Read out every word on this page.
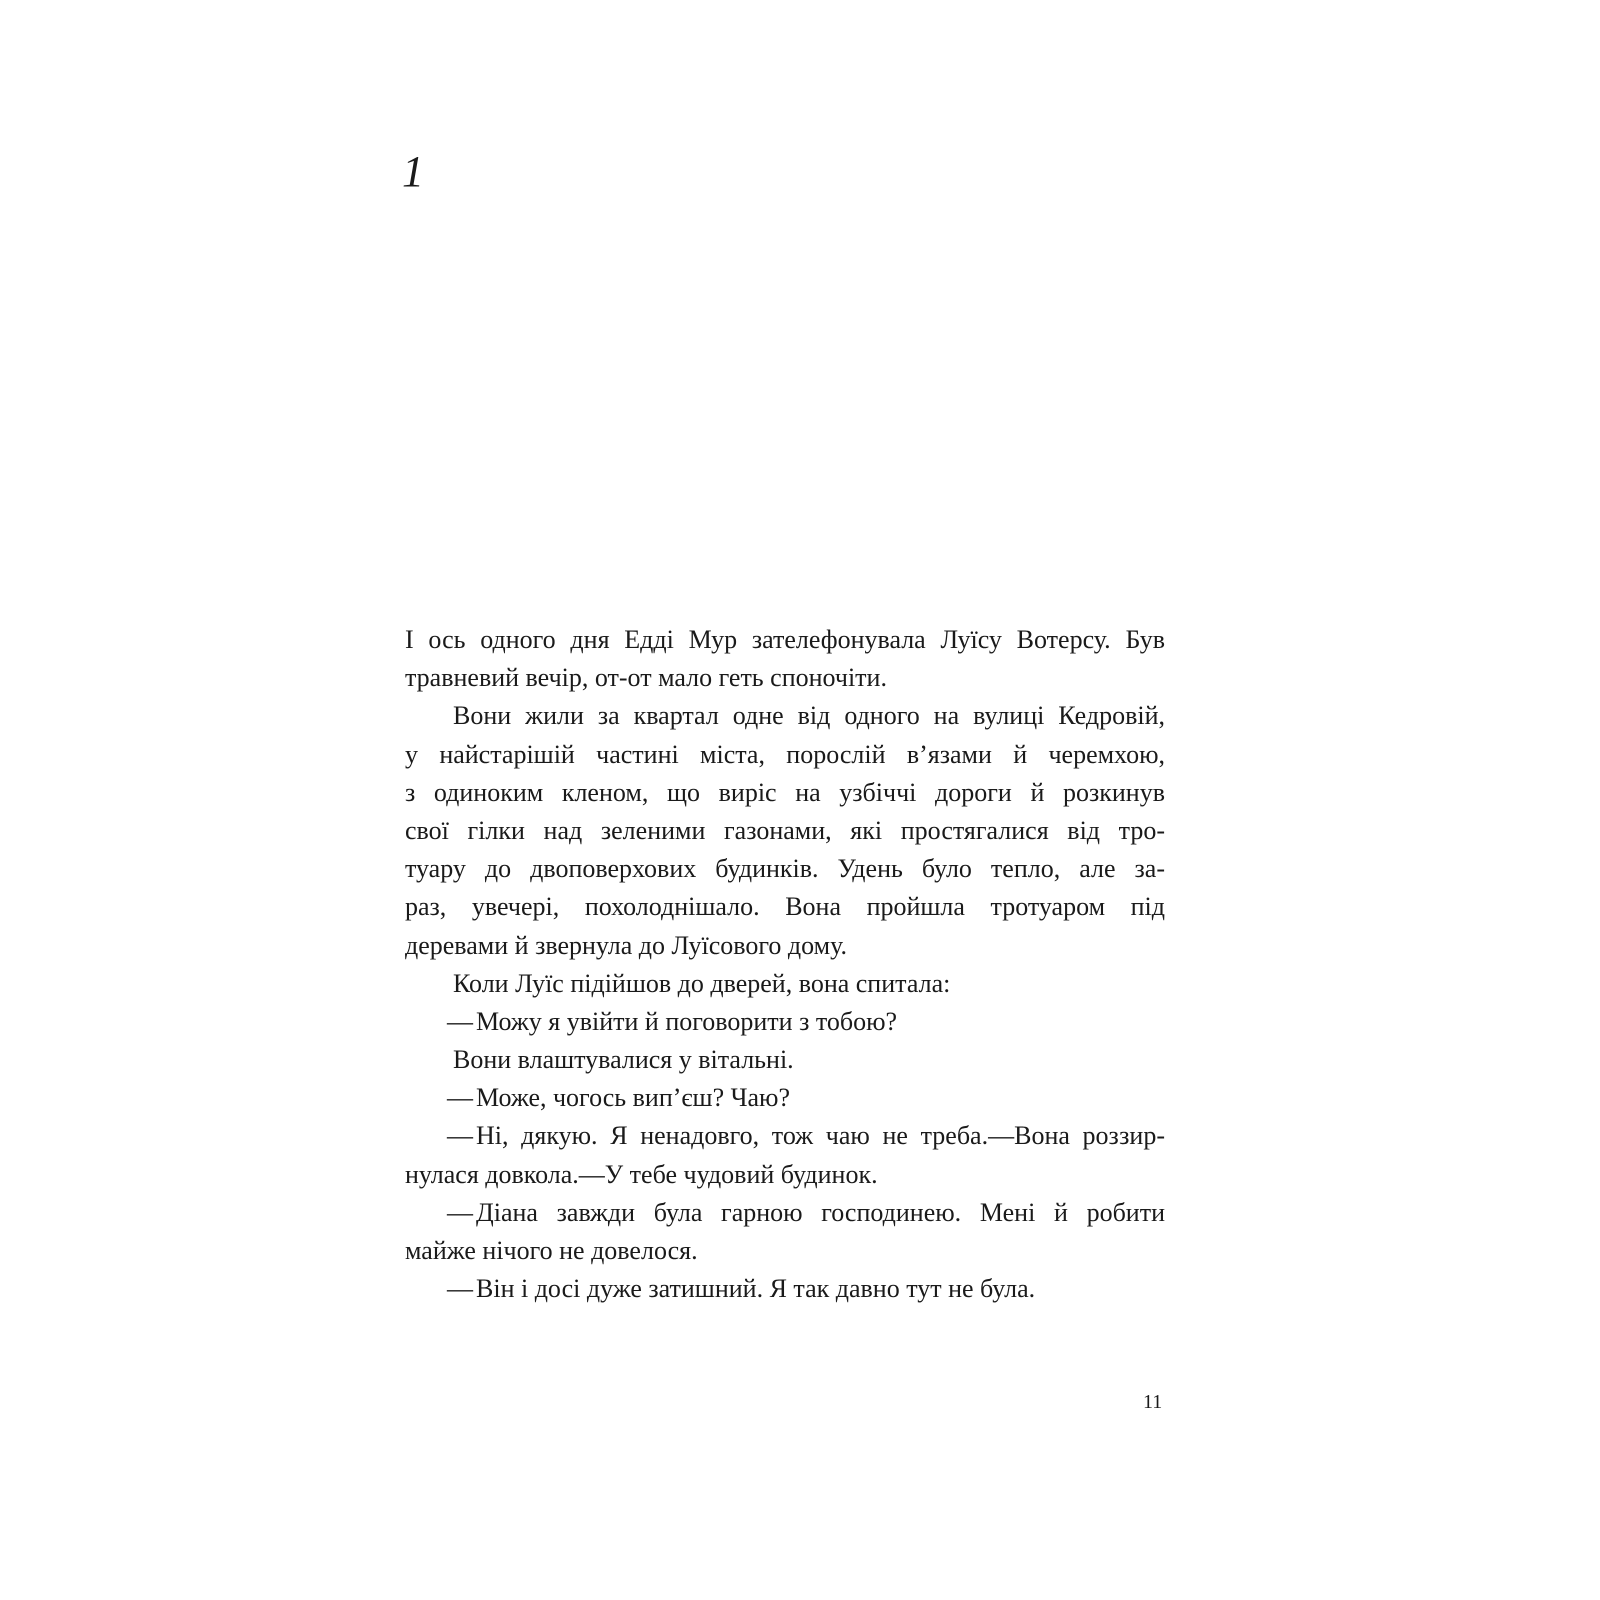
1
І ось одного дня Едді Мур зателефонувала Луїсу Вотерсу. Був
травневий вечір, от-от мало геть споночіти.
Вони жили за квартал одне від одного на вулиці Кедровій,
у найстарішій частині міста, порослій в’язами й черемхою,
з одиноким кленом, що виріс на узбіччі дороги й розкинув
свої гілки над зеленими газонами, які простягалися від тро-
туару до двоповерхових будинків. Удень було тепло, але за-
раз, увечері, похолоднішало. Вона пройшла тротуаром під
деревами й звернула до Луїсового дому.
Коли Луїс підійшов до дверей, вона спитала:
— Можу я увійти й поговорити з тобою?
Вони влаштувалися у вітальні.
— Може, чогось вип’єш? Чаю?
— Ні, дякую. Я ненадовго, тож чаю не треба.—Вона роззир-
нулася довкола.—У тебе чудовий будинок.
— Діана завжди була гарною господинею. Мені й робити
майже нічого не довелося.
— Він і досі дуже затишний. Я так давно тут не була.
11
